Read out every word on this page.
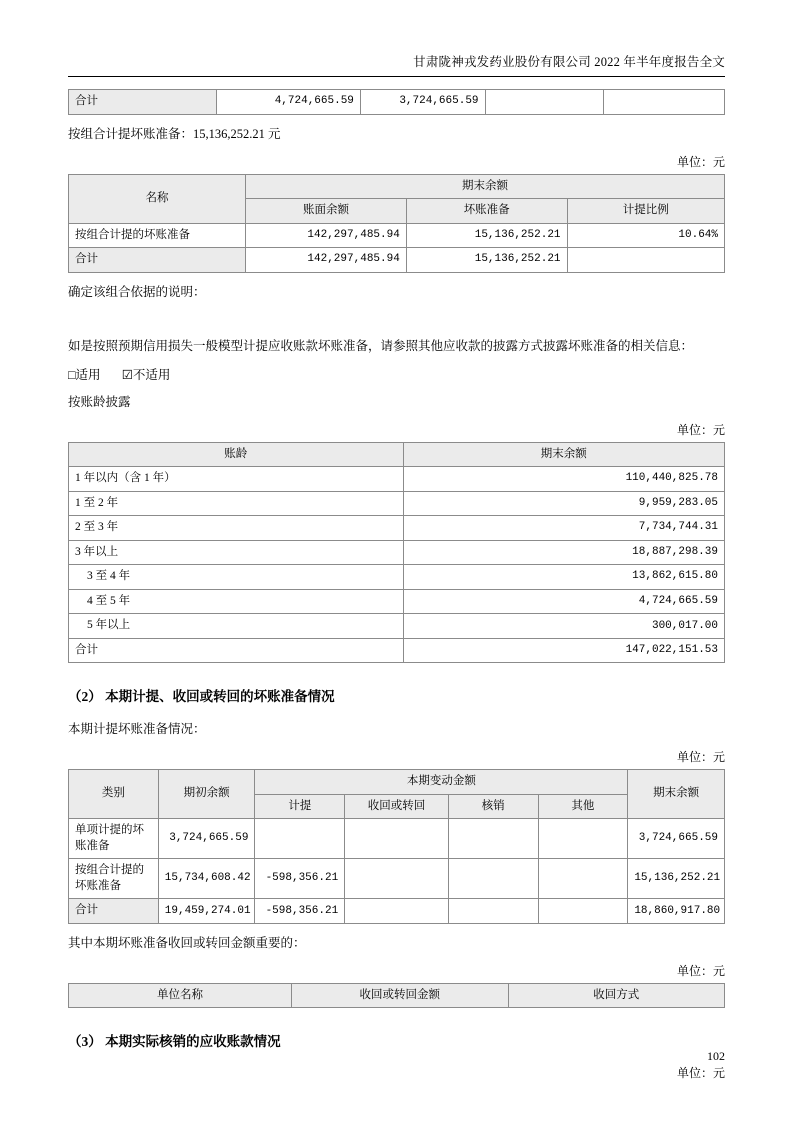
甘肃陇神戎发药业股份有限公司 2022 年半年度报告全文
合计	4,724,665.59	3,724,665.59		
按组合计提坏账准备：15,136,252.21 元
单位：元
名称	期末余额		
	账面余额	坏账准备	计提比例
按组合计提的坏账准备	142,297,485.94	15,136,252.21	10.64%
合计	142,297,485.94	15,136,252.21	
确定该组合依据的说明：
如是按照预期信用损失一般模型计提应收账款坏账准备，请参照其他应收款的披露方式披露坏账准备的相关信息：
□适用 ☑不适用
按账龄披露
单位：元
账龄	期末余额
1 年以内（含 1 年）	110,440,825.78
1 至 2 年	9,959,283.05
2 至 3 年	7,734,744.31
3 年以上	18,887,298.39
3 至 4 年	13,862,615.80
4 至 5 年	4,724,665.59
5 年以上	300,017.00
合计	147,022,151.53
（2） 本期计提、收回或转回的坏账准备情况
本期计提坏账准备情况：
单位：元
类别	期初余额	本期变动金额				期末余额
		计提	收回或转回	核销	其他	
单项计提的坏账准备	3,724,665.59					3,724,665.59
按组合计提的坏账准备	15,734,608.42	-598,356.21				15,136,252.21
合计	19,459,274.01	-598,356.21				18,860,917.80
其中本期坏账准备收回或转回金额重要的：
单位：元
单位名称	收回或转回金额	收回方式
（3） 本期实际核销的应收账款情况
单位：元
102
